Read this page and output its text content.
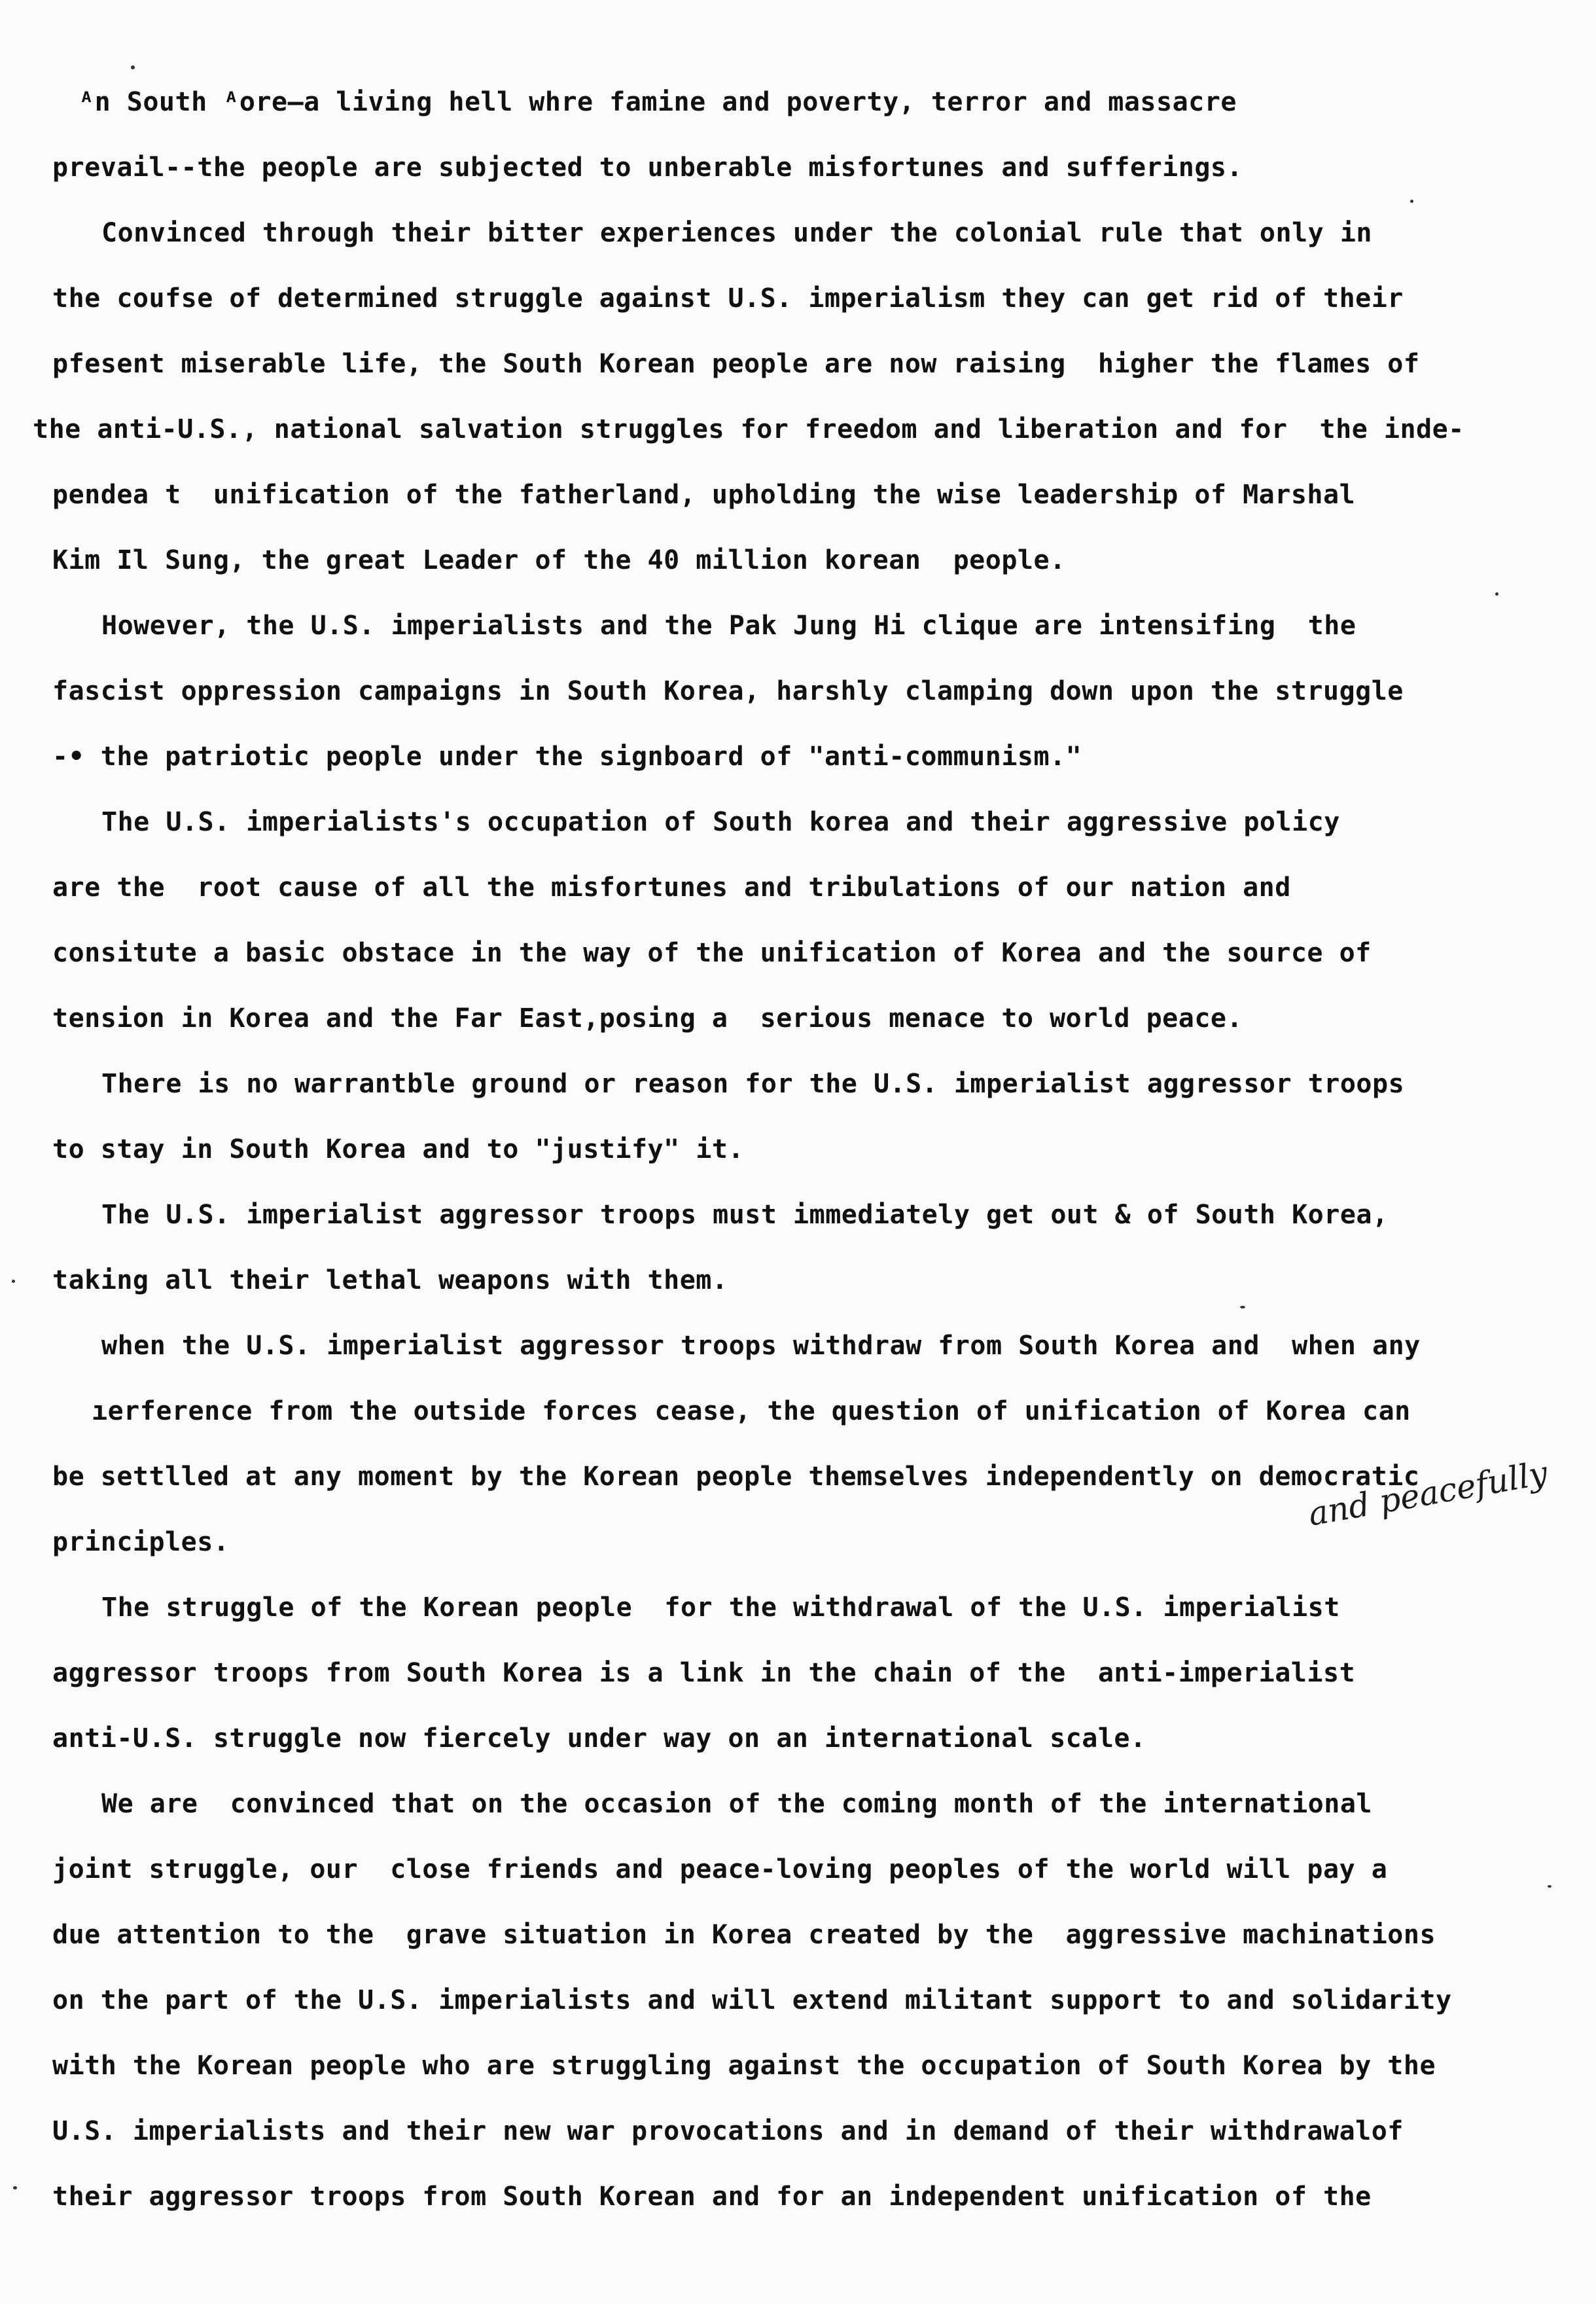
ᴬn South ᴬore—a living hell whre famine and poverty, terror and massacre
prevail--the people are subjected to unberable misfortunes and sufferings.
Convinced through their bitter experiences under the colonial rule that only in
the coufse of determined struggle against U.S. imperialism they can get rid of their
pfesent miserable life, the South Korean people are now raising  higher the flames of
the anti-U.S., national salvation struggles for freedom and liberation and for  the inde-
pendea t  unification of the fatherland, upholding the wise leadership of Marshal
Kim Il Sung, the great Leader of the 40 million korean  people.
However, the U.S. imperialists and the Pak Jung Hi clique are intensifing  the
fascist oppression campaigns in South Korea, harshly clamping down upon the struggle
-• the patriotic people under the signboard of "anti-communism."
The U.S. imperialists's occupation of South korea and their aggressive policy
are the  root cause of all the misfortunes and tribulations of our nation and
consitute a basic obstace in the way of the unification of Korea and the source of
tension in Korea and the Far East,posing a  serious menace to world peace.
There is no warrantble ground or reason for the U.S. imperialist aggressor troops
to stay in South Korea and to "justify" it.
The U.S. imperialist aggressor troops must immediately get out & of South Korea,
taking all their lethal weapons with them.
when the U.S. imperialist aggressor troops withdraw from South Korea and  when any
ıerference from the outside forces cease, the question of unification of Korea can
be settlled at any moment by the Korean people themselves independently on democratic
principles.
The struggle of the Korean people  for the withdrawal of the U.S. imperialist
aggressor troops from South Korea is a link in the chain of the  anti-imperialist
anti-U.S. struggle now fiercely under way on an international scale.
We are  convinced that on the occasion of the coming month of the international
joint struggle, our  close friends and peace-loving peoples of the world will pay a
due attention to the  grave situation in Korea created by the  aggressive machinations
on the part of the U.S. imperialists and will extend militant support to and solidarity
with the Korean people who are struggling against the occupation of South Korea by the
U.S. imperialists and their new war provocations and in demand of their withdrawalof
their aggressor troops from South Korean and for an independent unification of the
and peacefully
